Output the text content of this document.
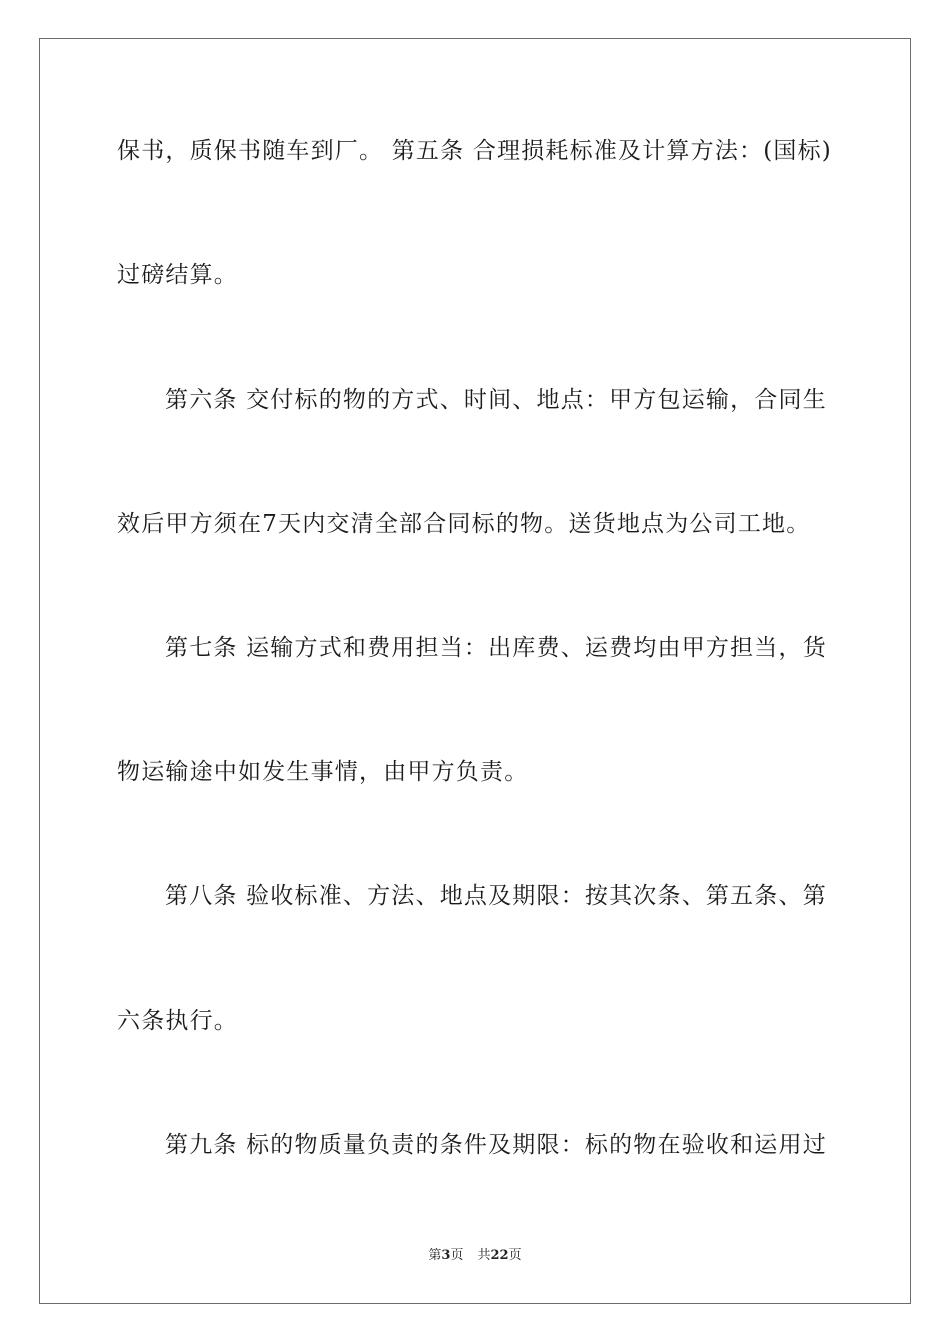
保书，质保书随车到厂。 第五条 合理损耗标准及计算方法：(国标)
过磅结算。
第六条 交付标的物的方式、时间、地点：甲方包运输，合同生
效后甲方须在7天内交清全部合同标的物。送货地点为公司工地。
第七条 运输方式和费用担当：出库费、运费均由甲方担当，货
物运输途中如发生事情，由甲方负责。
第八条 验收标准、方法、地点及期限：按其次条、第五条、第
六条执行。
第九条 标的物质量负责的条件及期限：标的物在验收和运用过
第3页 共22页
